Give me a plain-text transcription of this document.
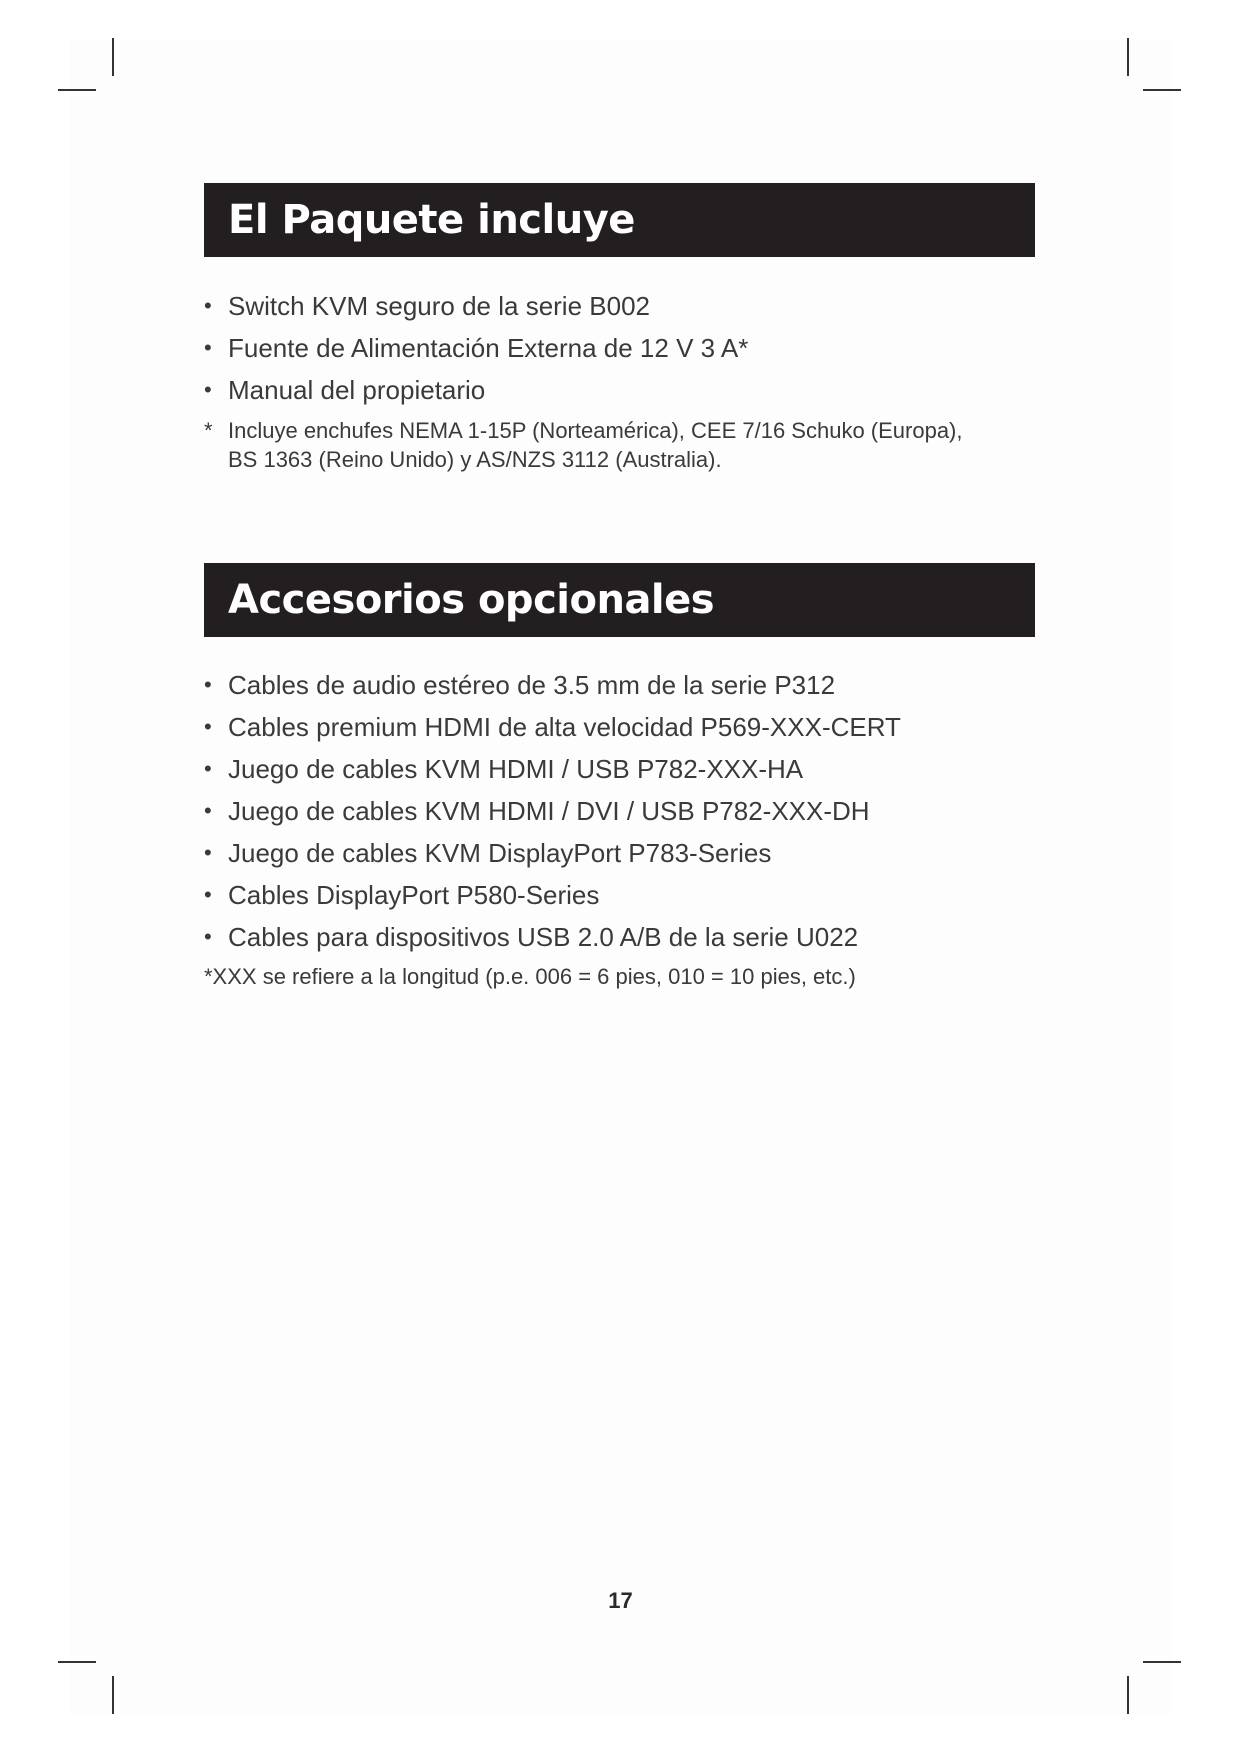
El Paquete incluye
• Switch KVM seguro de la serie B002
• Fuente de Alimentación Externa de 12 V 3 A*
• Manual del propietario
* Incluye enchufes NEMA 1-15P (Norteamérica), CEE 7/16 Schuko (Europa),
BS 1363 (Reino Unido) y AS/NZS 3112 (Australia).
Accesorios opcionales
• Cables de audio estéreo de 3.5 mm de la serie P312
• Cables premium HDMI de alta velocidad P569-XXX-CERT
• Juego de cables KVM HDMI / USB P782-XXX-HA
• Juego de cables KVM HDMI / DVI / USB P782-XXX-DH
• Juego de cables KVM DisplayPort P783-Series
• Cables DisplayPort P580-Series
• Cables para dispositivos USB 2.0 A/B de la serie U022
*XXX se refiere a la longitud (p.e. 006 = 6 pies, 010 = 10 pies, etc.)
17
